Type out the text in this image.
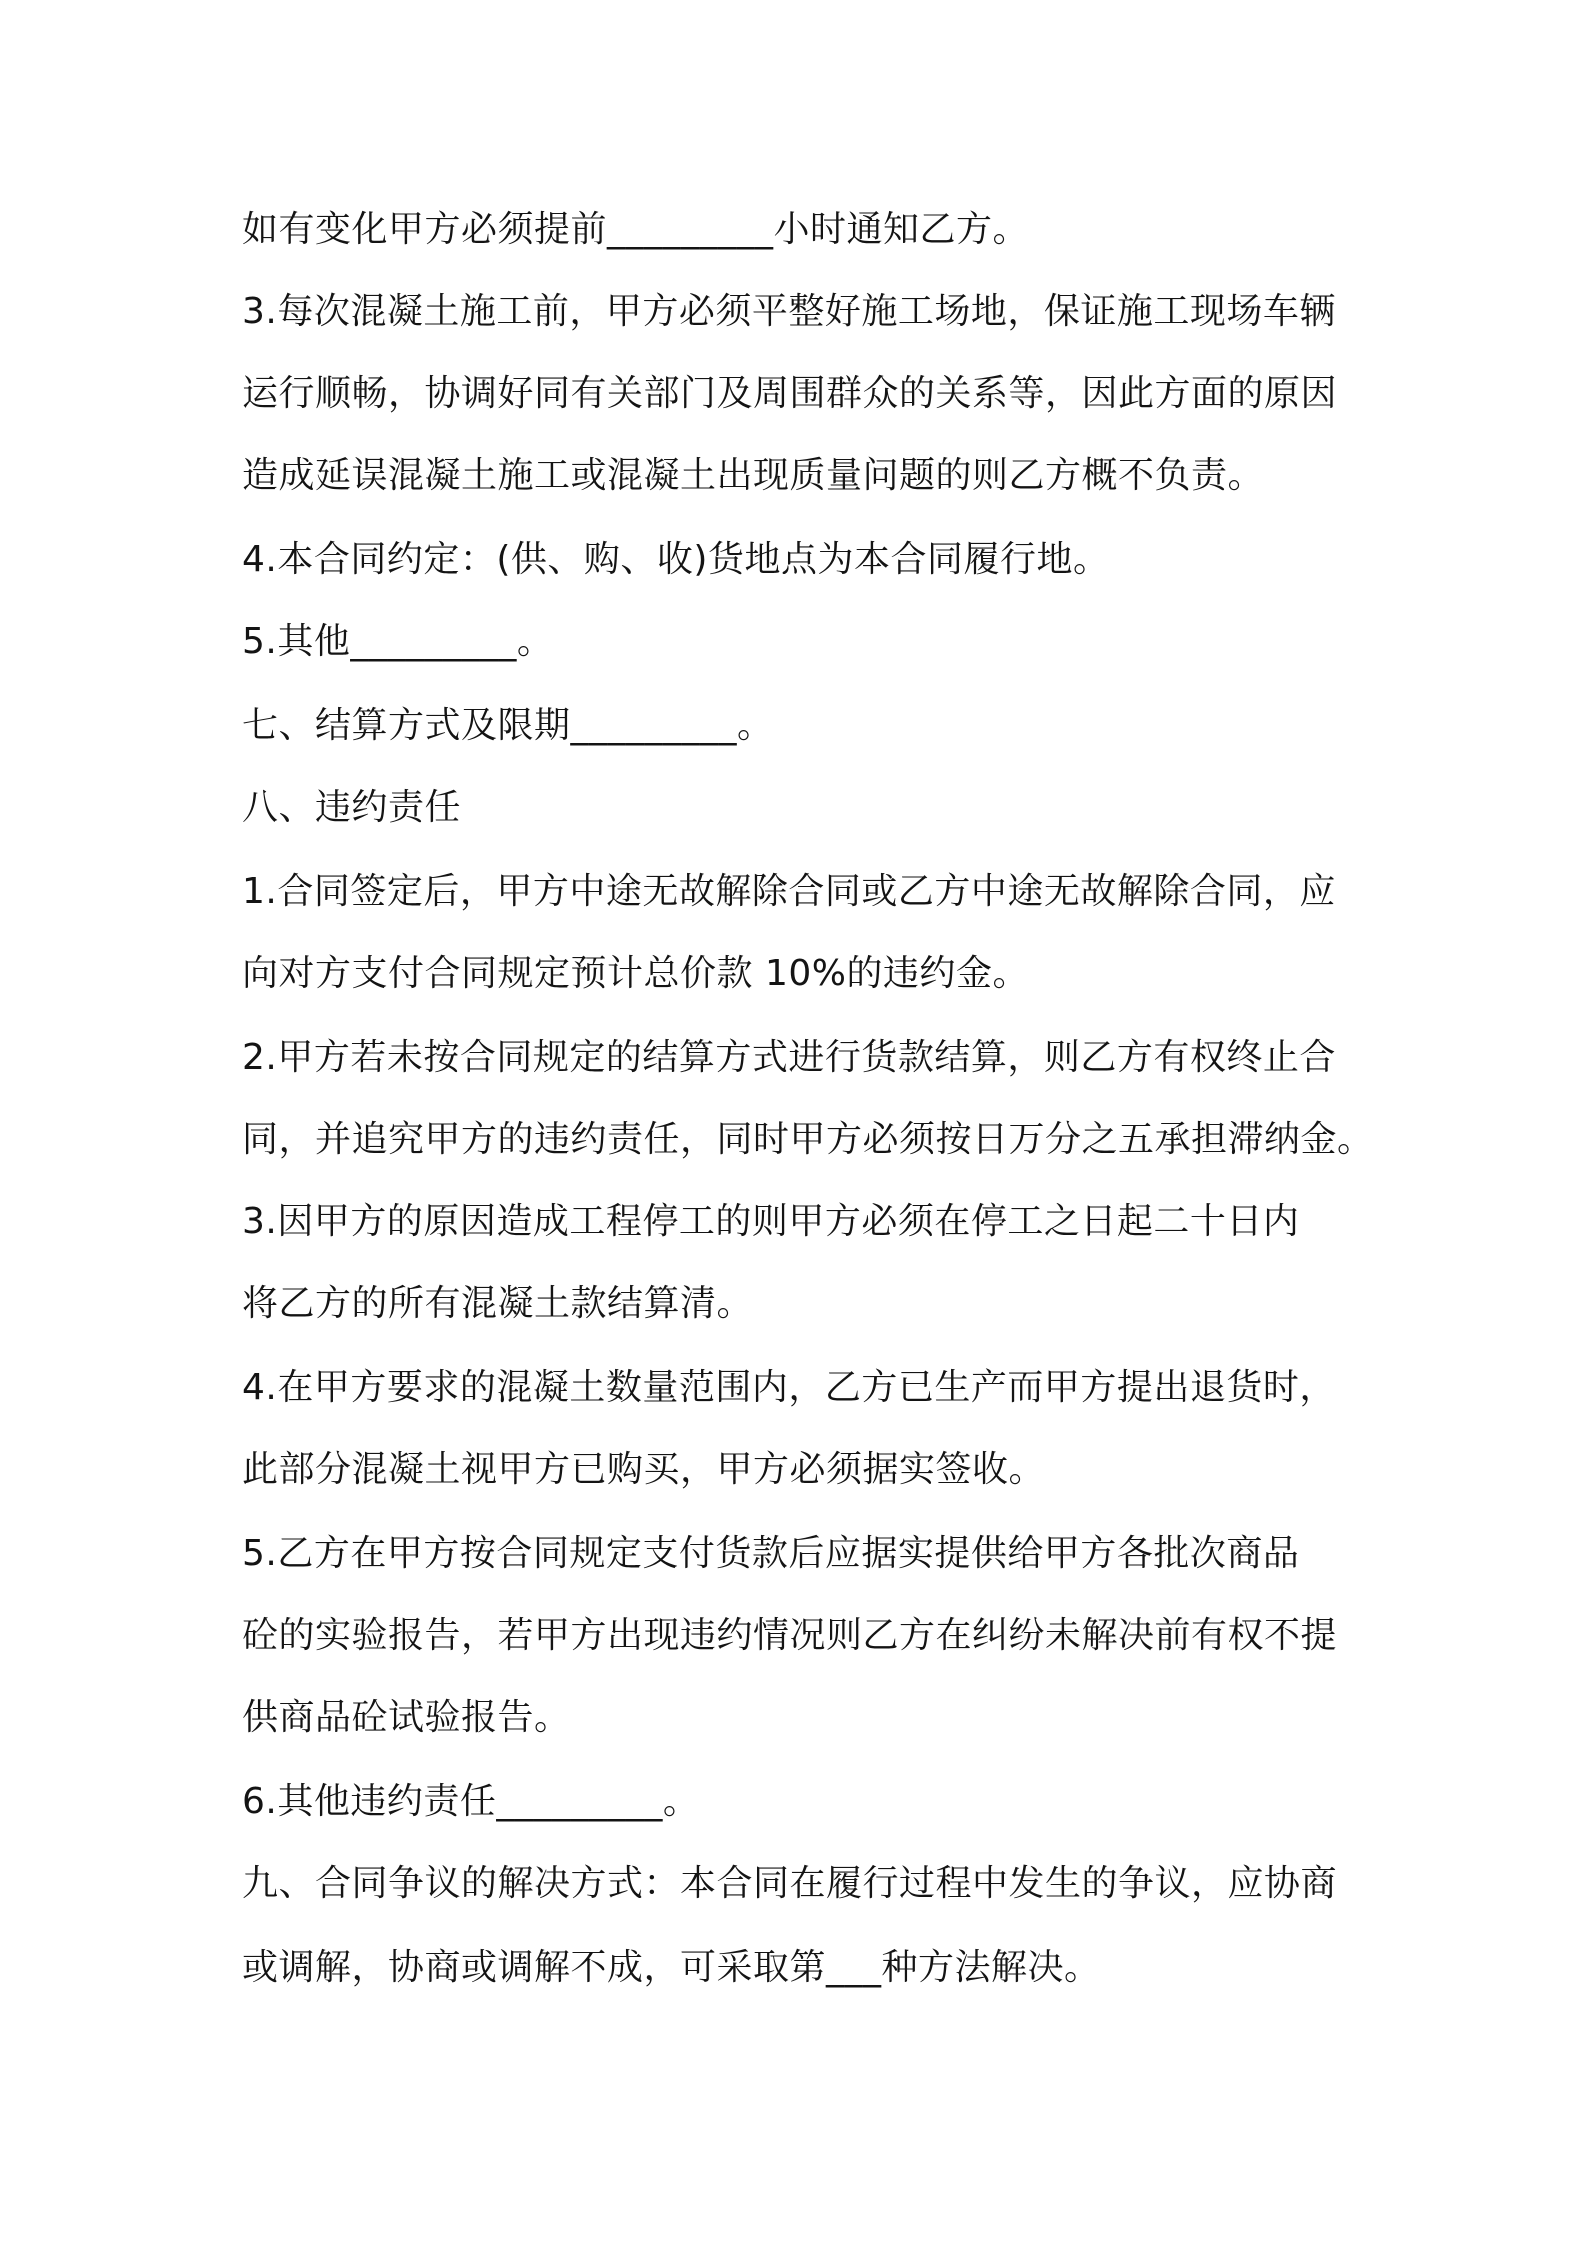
如有变化甲方必须提前_________小时通知乙方。
3.每次混凝土施工前，甲方必须平整好施工场地，保证施工现场车辆
运行顺畅，协调好同有关部门及周围群众的关系等，因此方面的原因
造成延误混凝土施工或混凝土出现质量问题的则乙方概不负责。
4.本合同约定：(供、购、收)货地点为本合同履行地。
5.其他_________。
七、结算方式及限期_________。
八、违约责任
1.合同签定后，甲方中途无故解除合同或乙方中途无故解除合同，应
向对方支付合同规定预计总价款 10%的违约金。
2.甲方若未按合同规定的结算方式进行货款结算，则乙方有权终止合
同，并追究甲方的违约责任，同时甲方必须按日万分之五承担滞纳金。
3.因甲方的原因造成工程停工的则甲方必须在停工之日起二十日内
将乙方的所有混凝土款结算清。
4.在甲方要求的混凝土数量范围内，乙方已生产而甲方提出退货时，
此部分混凝土视甲方已购买，甲方必须据实签收。
5.乙方在甲方按合同规定支付货款后应据实提供给甲方各批次商品
砼的实验报告，若甲方出现违约情况则乙方在纠纷未解决前有权不提
供商品砼试验报告。
6.其他违约责任_________。
九、合同争议的解决方式：本合同在履行过程中发生的争议，应协商
或调解，协商或调解不成，可采取第___种方法解决。
